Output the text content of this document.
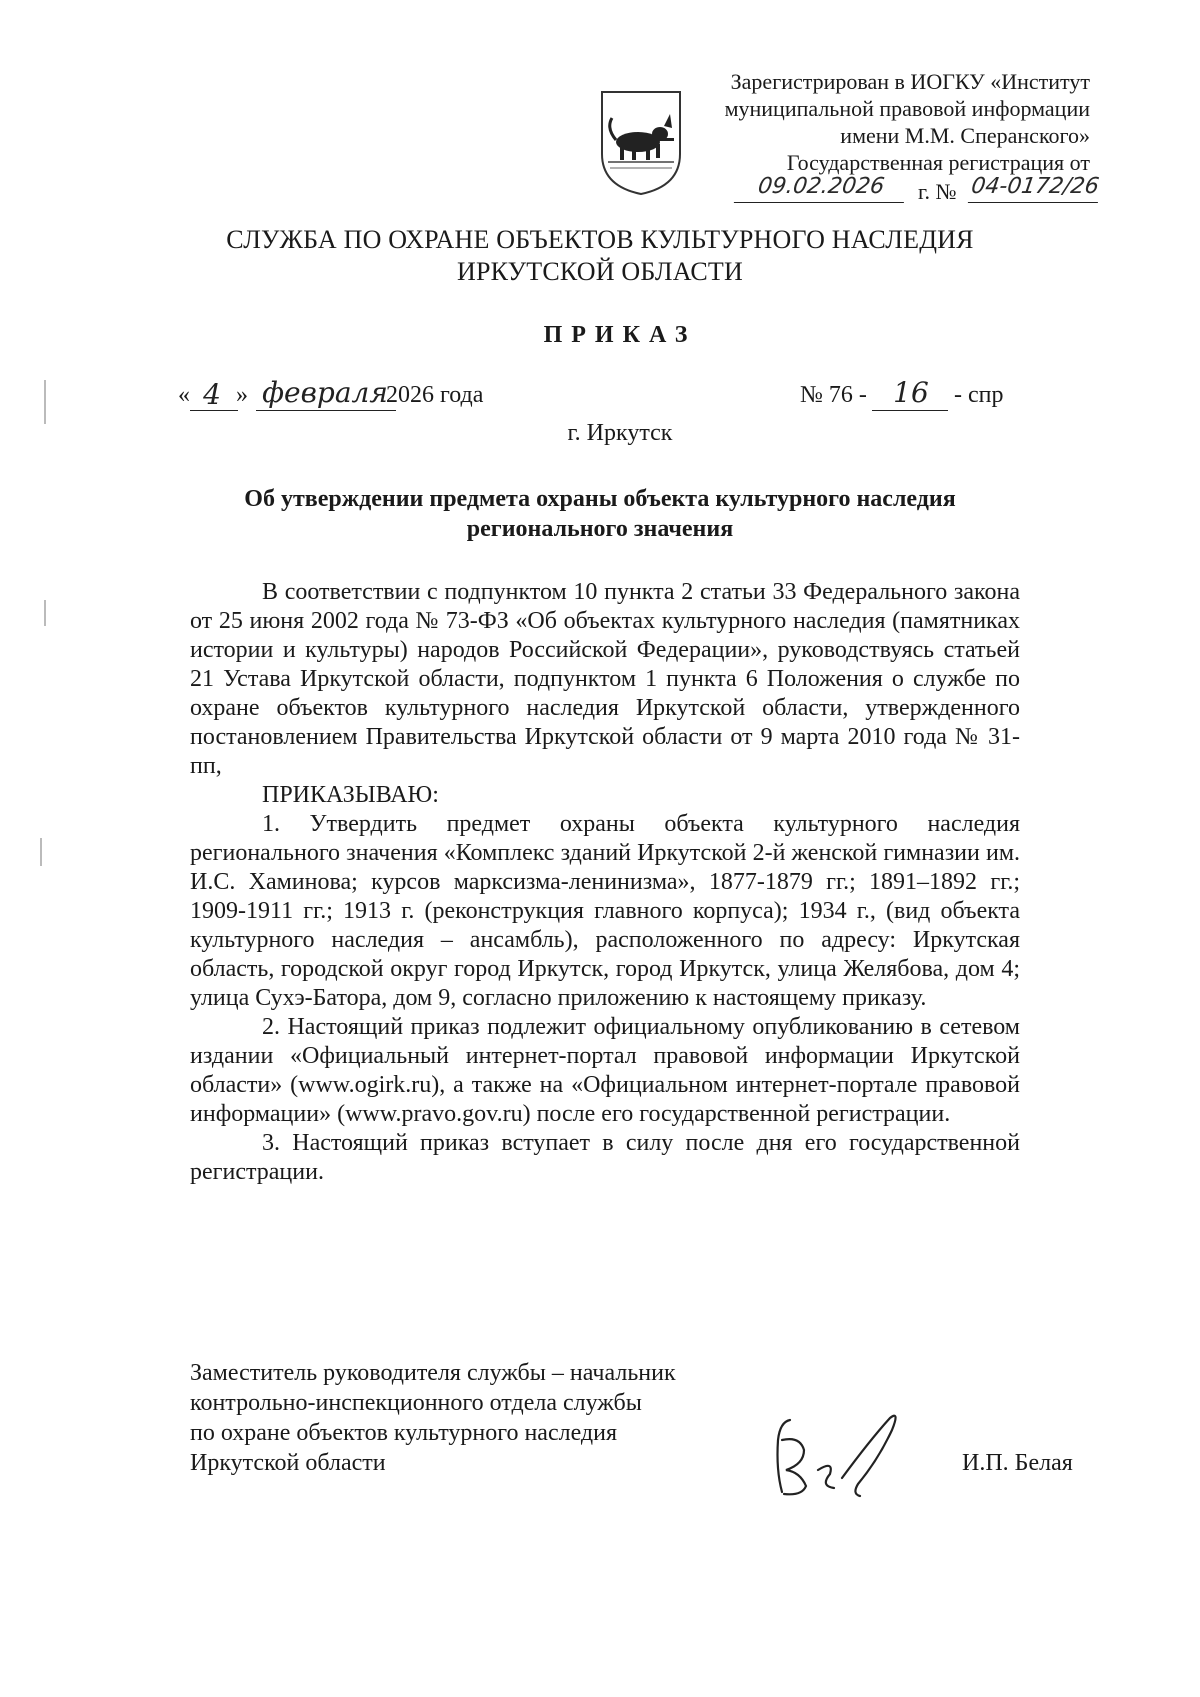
Зарегистрирован в ИОГКУ «Институт
муниципальной правовой информации
имени М.М. Сперанского»
Государственная регистрация от
09.02.2026	г. № 04-0172/26
СЛУЖБА ПО ОХРАНЕ ОБЪЕКТОВ КУЛЬТУРНОГО НАСЛЕДИЯ
ИРКУТСКОЙ ОБЛАСТИ
ПРИКАЗ
« 4 » февраля
2026 года	№ 76 - 16	- спр
г. Иркутск
Об утверждении предмета охраны объекта культурного наследия
регионального значения

В соответствии с подпунктом 10 пункта 2 статьи 33 Федерального закона от 25 июня 2002 года № 73-ФЗ «Об объектах культурного наследия (памятниках истории и культуры) народов Российской Федерации», руководствуясь статьей 21 Устава Иркутской области, подпунктом 1 пункта 6 Положения о службе по охране объектов культурного наследия Иркутской области, утвержденного постановлением Правительства Иркутской области от 9 марта 2010 года № 31-пп,

ПРИКАЗЫВАЮ:

1. Утвердить предмет охраны объекта культурного наследия регионального значения «Комплекс зданий Иркутской 2-й женской гимназии им. И.С. Хаминова; курсов марксизма-ленинизма», 1877-1879 гг.; 1891–1892 гг.; 1909-1911 гг.; 1913 г. (реконструкция главного корпуса); 1934 г., (вид объекта культурного наследия – ансамбль), расположенного по адресу: Иркутская область, городской округ город Иркутск, город Иркутск, улица Желябова, дом 4; улица Сухэ-Батора, дом 9, согласно приложению к настоящему приказу.

2. Настоящий приказ подлежит официальному опубликованию в сетевом издании «Официальный интернет-портал правовой информации Иркутской области» (www.ogirk.ru), а также на «Официальном интернет-портале правовой информации» (www.pravo.gov.ru) после его государственной регистрации.

3. Настоящий приказ вступает в силу после дня его государственной регистрации.

Заместитель руководителя службы – начальник
контрольно-инспекционного отдела службы
по охране объектов культурного наследия
Иркутской области	И.П. Белая
